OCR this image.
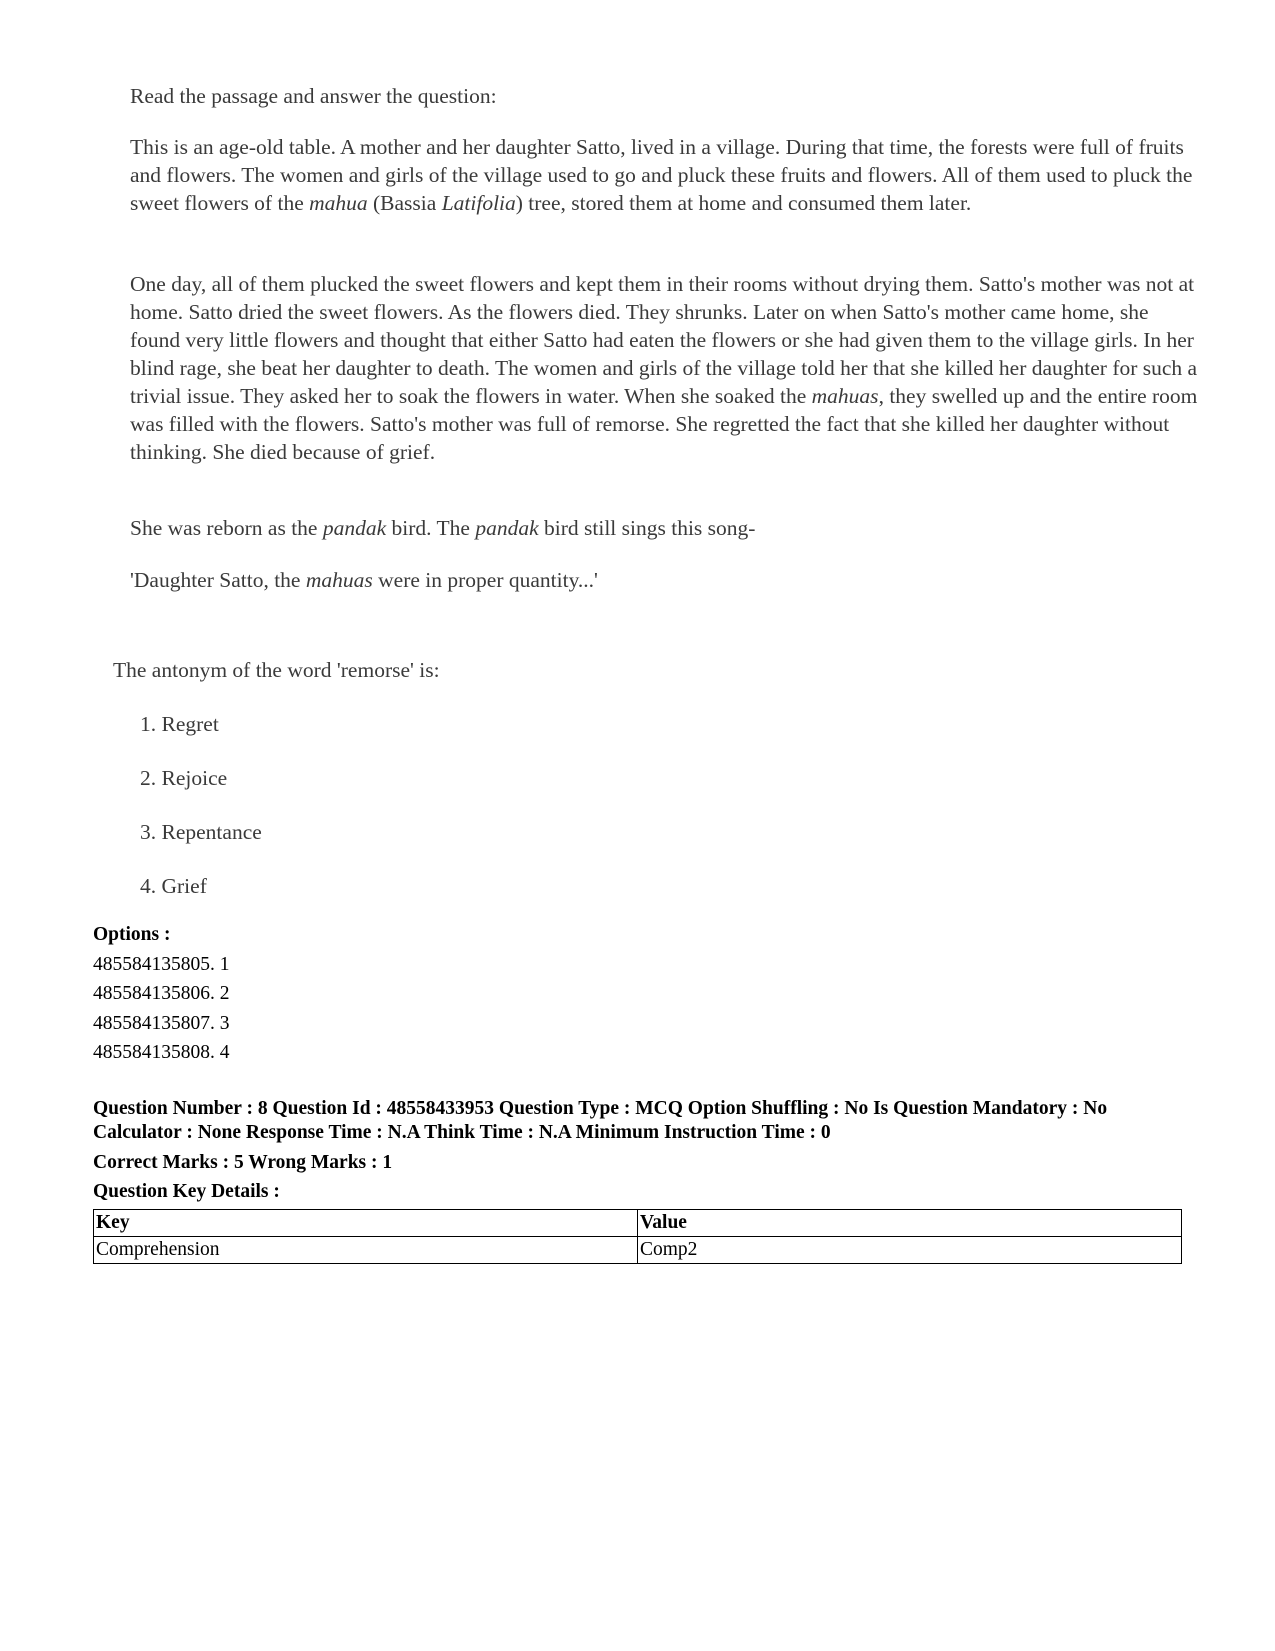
Read the passage and answer the question:

This is an age-old table. A mother and her daughter Satto, lived in a village. During that time, the forests were full of fruits and flowers. The women and girls of the village used to go and pluck these fruits and flowers. All of them used to pluck the sweet flowers of the mahua (Bassia Latifolia) tree, stored them at home and consumed them later.

One day, all of them plucked the sweet flowers and kept them in their rooms without drying them. Satto's mother was not at home. Satto dried the sweet flowers. As the flowers died. They shrunks. Later on when Satto's mother came home, she found very little flowers and thought that either Satto had eaten the flowers or she had given them to the village girls. In her blind rage, she beat her daughter to death. The women and girls of the village told her that she killed her daughter for such a trivial issue. They asked her to soak the flowers in water. When she soaked the mahuas, they swelled up and the entire room was filled with the flowers. Satto's mother was full of remorse. She regretted the fact that she killed her daughter without thinking. She died because of grief.

She was reborn as the pandak bird. The pandak bird still sings this song-

'Daughter Satto, the mahuas were in proper quantity...'

The antonym of the word 'remorse' is:

1. Regret
2. Rejoice
3. Repentance
4. Grief
Options :
485584135805. 1
485584135806. 2
485584135807. 3
485584135808. 4
Question Number : 8 Question Id : 48558433953 Question Type : MCQ Option Shuffling : No Is Question Mandatory : No Calculator : None Response Time : N.A Think Time : N.A Minimum Instruction Time : 0
Correct Marks : 5 Wrong Marks : 1
Question Key Details :
Key	Value
Comprehension	Comp2
